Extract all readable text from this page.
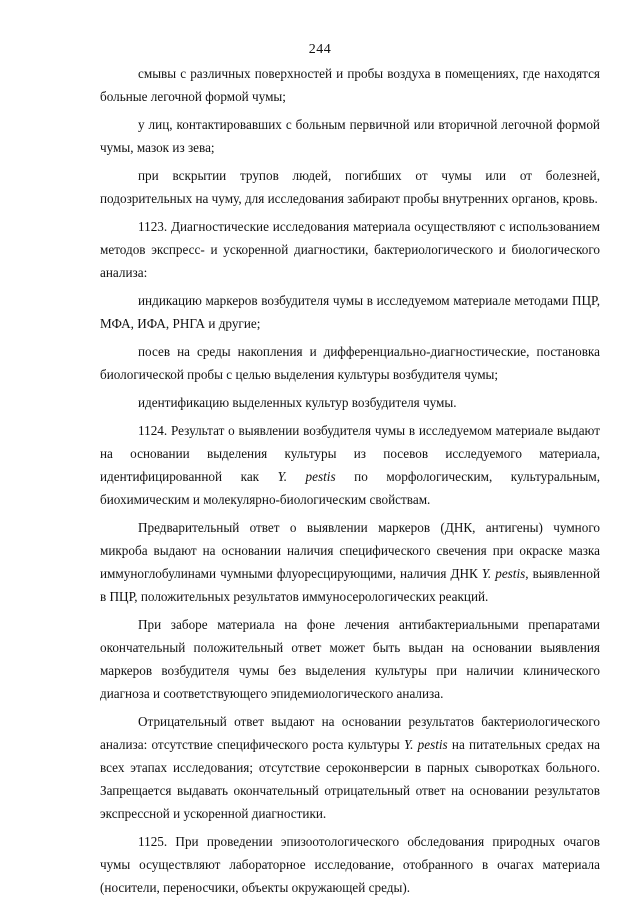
244

смывы с различных поверхностей и пробы воздуха в помещениях, где находятся больные легочной формой чумы;

у лиц, контактировавших с больным первичной или вторичной легочной формой чумы, мазок из зева;

при вскрытии трупов людей, погибших от чумы или от болезней, подозрительных на чуму, для исследования забирают пробы внутренних органов, кровь.

1123. Диагностические исследования материала осуществляют с использованием методов экспресс- и ускоренной диагностики, бактериологического и биологического анализа:

индикацию маркеров возбудителя чумы в исследуемом материале методами ПЦР, МФА, ИФА, РНГА и другие;

посев на среды накопления и дифференциально-диагностические, постановка биологической пробы с целью выделения культуры возбудителя чумы;

идентификацию выделенных культур возбудителя чумы.

1124. Результат о выявлении возбудителя чумы в исследуемом материале выдают на основании выделения культуры из посевов исследуемого материала, идентифицированной как Y. pestis по морфологическим, культуральным, биохимическим и молекулярно-биологическим свойствам.

Предварительный ответ о выявлении маркеров (ДНК, антигены) чумного микроба выдают на основании наличия специфического свечения при окраске мазка иммуноглобулинами чумными флуоресцирующими, наличия ДНК Y. pestis, выявленной в ПЦР, положительных результатов иммуносерологических реакций.

При заборе материала на фоне лечения антибактериальными препаратами окончательный положительный ответ может быть выдан на основании выявления маркеров возбудителя чумы без выделения культуры при наличии клинического диагноза и соответствующего эпидемиологического анализа.

Отрицательный ответ выдают на основании результатов бактериологического анализа: отсутствие специфического роста культуры Y. pestis на питательных средах на всех этапах исследования; отсутствие сероконверсии в парных сыворотках больного. Запрещается выдавать окончательный отрицательный ответ на основании результатов экспрессной и ускоренной диагностики.

1125. При проведении эпизоотологического обследования природных очагов чумы осуществляют лабораторное исследование, отобранного в очагах материала (носители, переносчики, объекты окружающей среды).
